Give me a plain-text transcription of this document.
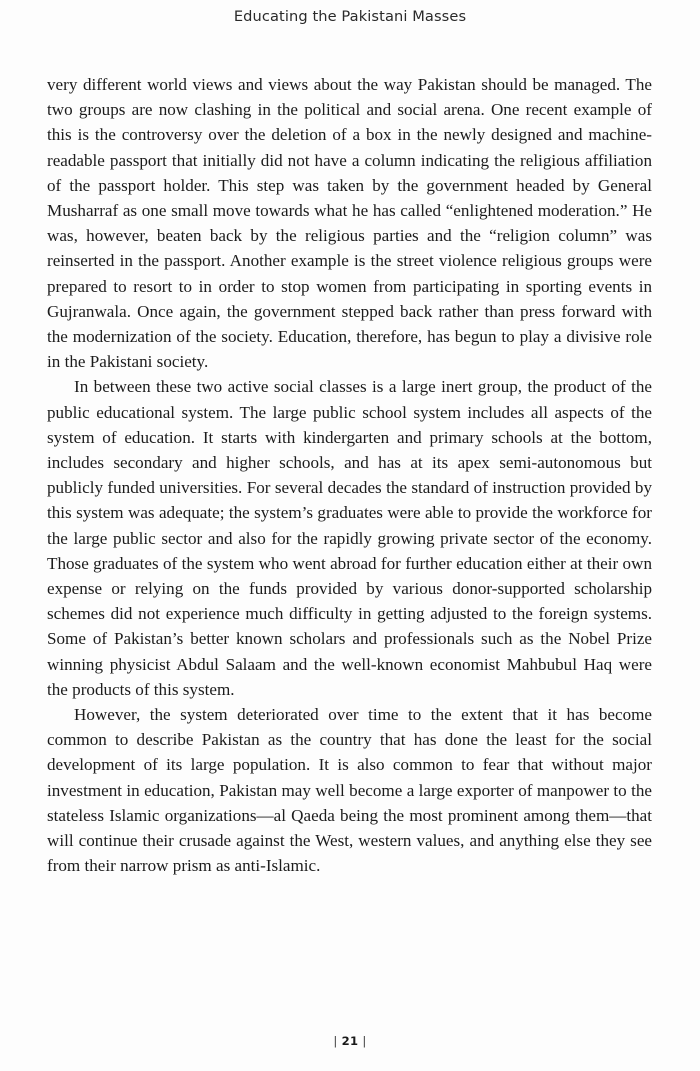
Educating the Pakistani Masses

very different world views and views about the way Pakistan should be managed. The two groups are now clashing in the political and social arena. One recent example of this is the controversy over the deletion of a box in the newly designed and machine-readable passport that initially did not have a column indicating the religious affiliation of the passport holder. This step was taken by the government headed by General Musharraf as one small move towards what he has called “enlightened moderation.” He was, however, beaten back by the religious parties and the “religion column” was reinserted in the passport. Another example is the street violence religious groups were prepared to resort to in order to stop women from participating in sporting events in Gujranwala. Once again, the government stepped back rather than press forward with the modernization of the society. Education, therefore, has begun to play a divisive role in the Pakistani society.

In between these two active social classes is a large inert group, the product of the public educational system. The large public school system includes all aspects of the system of education. It starts with kindergarten and primary schools at the bottom, includes secondary and higher schools, and has at its apex semi-autonomous but publicly funded universities. For several decades the standard of instruction provided by this system was adequate; the system’s graduates were able to provide the workforce for the large public sector and also for the rapidly growing private sector of the economy. Those graduates of the system who went abroad for further education either at their own expense or relying on the funds provided by various donor-supported scholarship schemes did not experience much difficulty in getting adjusted to the foreign systems. Some of Pakistan’s better known scholars and professionals such as the Nobel Prize winning physicist Abdul Salaam and the well-known economist Mahbubul Haq were the products of this system.

However, the system deteriorated over time to the extent that it has become common to describe Pakistan as the country that has done the least for the social development of its large population. It is also common to fear that without major investment in education, Pakistan may well become a large exporter of manpower to the stateless Islamic organizations—al Qaeda being the most prominent among them—that will continue their crusade against the West, western values, and anything else they see from their narrow prism as anti-Islamic.

| 21 |
